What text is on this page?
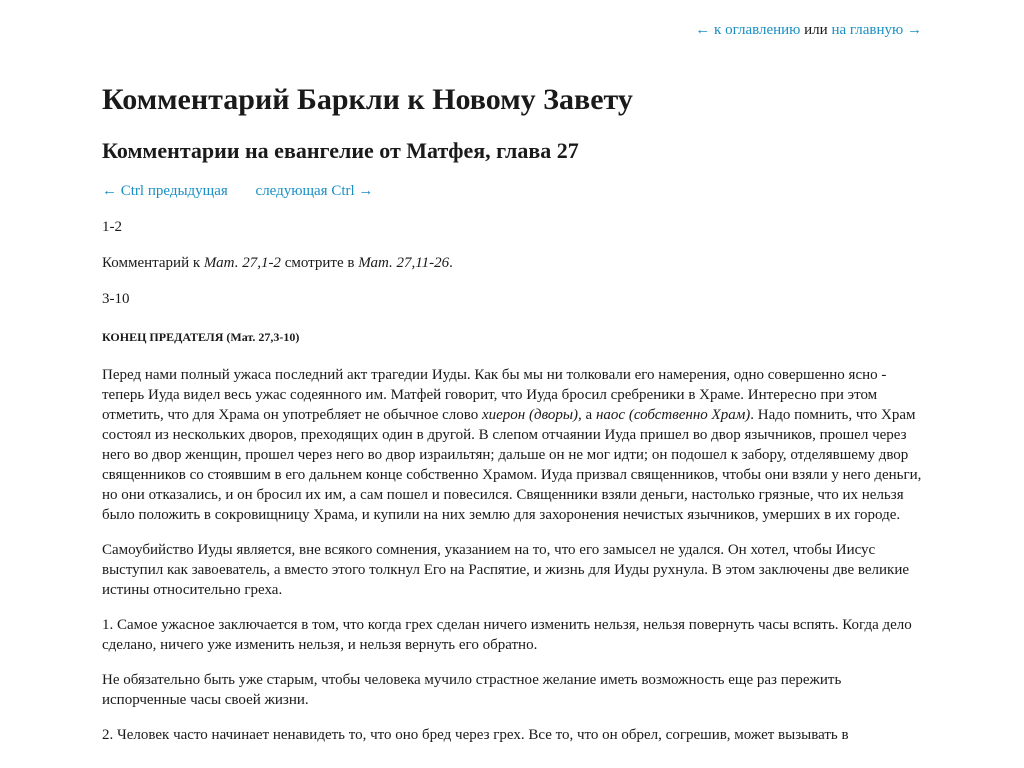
← к оглавлению или на главную →
Комментарий Баркли к Новому Завету
Комментарии на евангелие от Матфея, глава 27
← Ctrl предыдущая следующая Ctrl →

1-2

Комментарий к Мат. 27,1-2 смотрите в Мат. 27,11-26.

3-10

КОНЕЦ ПРЕДАТЕЛЯ (Мат. 27,3-10)

Перед нами полный ужаса последний акт трагедии Иуды. Как бы мы ни толковали его намерения, одно совершенно ясно - теперь Иуда видел весь ужас содеянного им. Матфей говорит, что Иуда бросил сребреники в Храме. Интересно при этом отметить, что для Храма он употребляет не обычное слово хиерон (дворы), а наос (собственно Храм). Надо помнить, что Храм состоял из нескольких дворов, преходящих один в другой. В слепом отчаянии Иуда пришел во двор язычников, прошел через него во двор женщин, прошел через него во двор израильтян; дальше он не мог идти; он подошел к забору, отделявшему двор священников со стоявшим в его дальнем конце собственно Храмом. Иуда призвал священников, чтобы они взяли у него деньги, но они отказались, и он бросил их им, а сам пошел и повесился. Священники взяли деньги, настолько грязные, что их нельзя было положить в сокровищницу Храма, и купили на них землю для захоронения нечистых язычников, умерших в их городе.

Самоубийство Иуды является, вне всякого сомнения, указанием на то, что его замысел не удался. Он хотел, чтобы Иисус выступил как завоеватель, а вместо этого толкнул Его на Распятие, и жизнь для Иуды рухнула. В этом заключены две великие истины относительно греха.

1. Самое ужасное заключается в том, что когда грех сделан ничего изменить нельзя, нельзя повернуть часы вспять. Когда дело сделано, ничего уже изменить нельзя, и нельзя вернуть его обратно.

Не обязательно быть уже старым, чтобы человека мучило страстное желание иметь возможность еще раз пережить испорченные часы своей жизни.

2. Человек часто начинает ненавидеть то, что оно бред через грех. Все то, что он обрел, согрешив, может вызывать в
